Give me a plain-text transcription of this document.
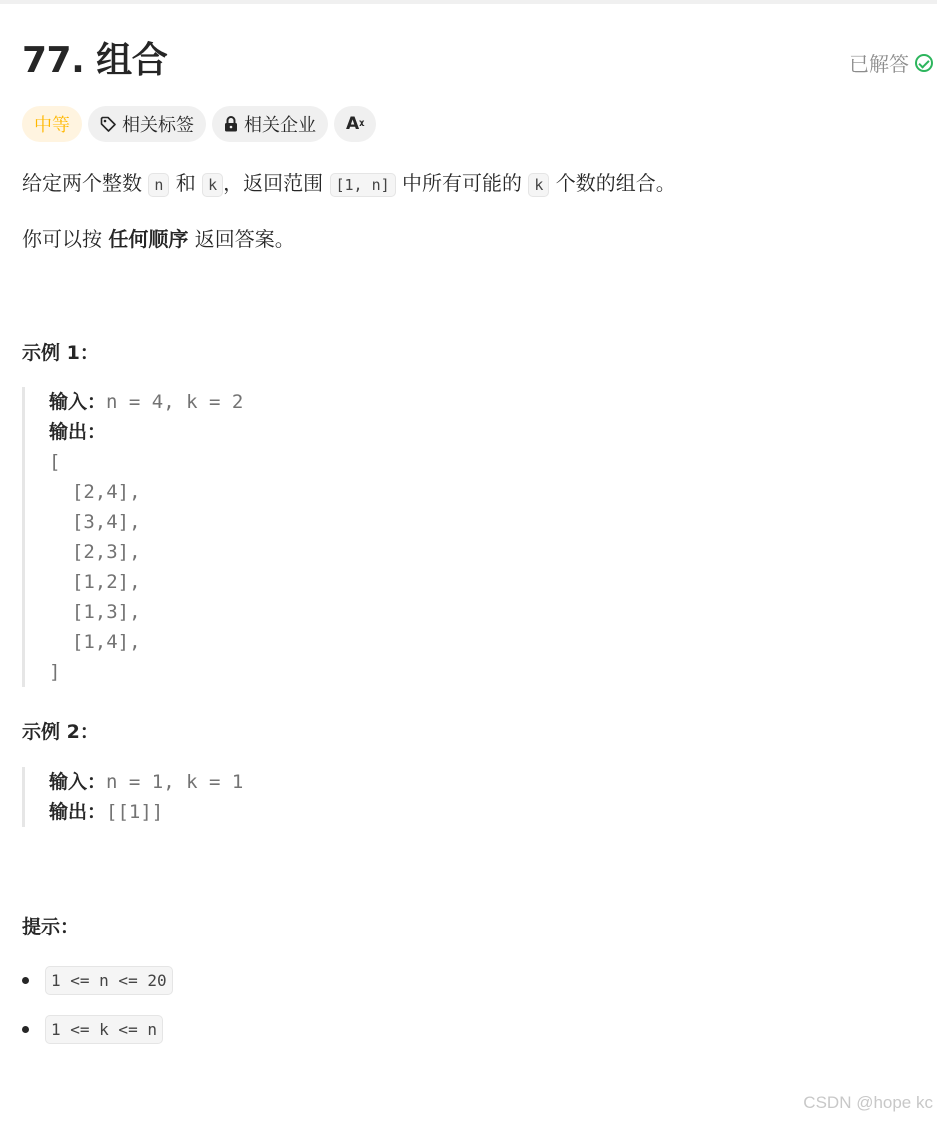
77. 组合	已解答
中等	相关标签	相关企业 Aᵡ
给定两个整数 n 和 k ，返回范围 [1, n] 中所有可能的 k 个数的组合。
你可以按 任何顺序 返回答案。
示例 1：
输入：n = 4, k = 2
输出：
[
[2,4],
[3,4],
[2,3],
[1,2],
[1,3],
[1,4],
]
示例 2：
输入：n = 1, k = 1
输出：[[1]]
提示：
1 <= n <= 20
1 <= k <= n
CSDN @hope kc
